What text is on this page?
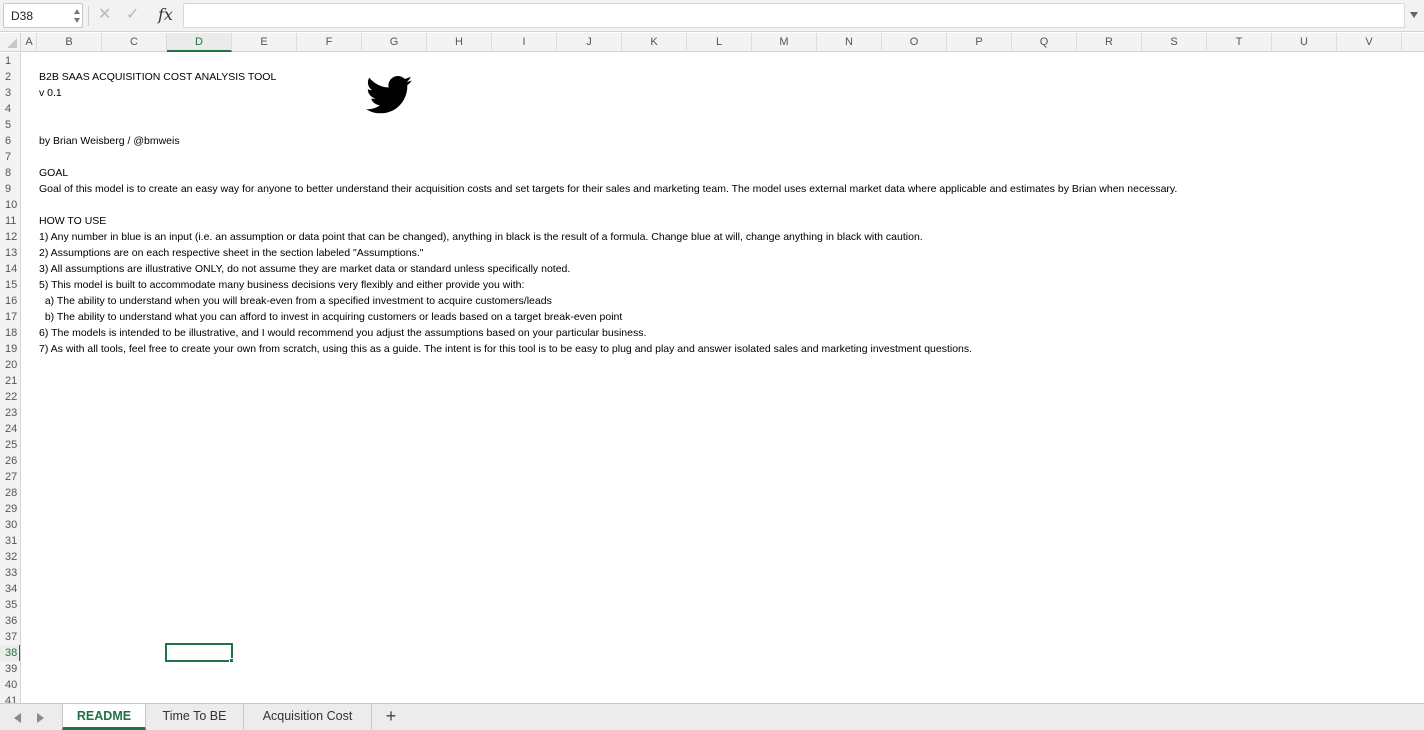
D38	✕ ✓ fx
A	B	C	D	E	F	G	H	I	J	K	L	M	N	O	P	Q	R	S	T	U	V
1
2
3
4
5
6
7
8
9
10
11
12
13
14
15
16
17
18
19
20
21
22
23
24
25
26
27
28
29
30
31
32
33
34
35
36
37
38
39
40
41
B2B SAAS ACQUISITION COST ANALYSIS TOOL
v 0.1
by Brian Weisberg / @bmweis
GOAL
Goal of this model is to create an easy way for anyone to better understand their acquisition costs and set targets for their sales and marketing team. The model uses external market data where applicable and estimates by Brian when necessary.
HOW TO USE
1) Any number in blue is an input (i.e. an assumption or data point that can be changed), anything in black is the result of a formula. Change blue at will, change anything in black with caution.
2) Assumptions are on each respective sheet in the section labeled "Assumptions."
3) All assumptions are illustrative ONLY, do not assume they are market data or standard unless specifically noted.
5) This model is built to accommodate many business decisions very flexibly and either provide you with:
a) The ability to understand when you will break-even from a specified investment to acquire customers/leads
b) The ability to understand what you can afford to invest in acquiring customers or leads based on a target break-even point
6) The models is intended to be illustrative, and I would recommend you adjust the assumptions based on your particular business.
7) As with all tools, feel free to create your own from scratch, using this as a guide. The intent is for this tool is to be easy to plug and play and answer isolated sales and marketing investment questions.
README	Time To BE	Acquisition Cost	+
